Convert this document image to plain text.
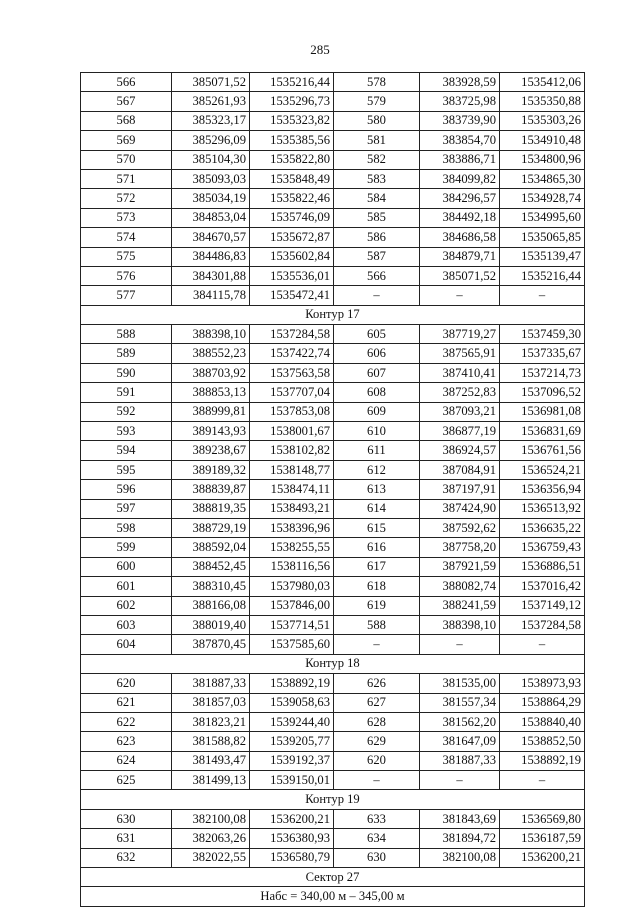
285
566	385071,52	1535216,44	578	383928,59	1535412,06
567	385261,93	1535296,73	579	383725,98	1535350,88
568	385323,17	1535323,82	580	383739,90	1535303,26
569	385296,09	1535385,56	581	383854,70	1534910,48
570	385104,30	1535822,80	582	383886,71	1534800,96
571	385093,03	1535848,49	583	384099,82	1534865,30
572	385034,19	1535822,46	584	384296,57	1534928,74
573	384853,04	1535746,09	585	384492,18	1534995,60
574	384670,57	1535672,87	586	384686,58	1535065,85
575	384486,83	1535602,84	587	384879,71	1535139,47
576	384301,88	1535536,01	566	385071,52	1535216,44
577	384115,78	1535472,41	–	–	–
Контур 17					
588	388398,10	1537284,58	605	387719,27	1537459,30
589	388552,23	1537422,74	606	387565,91	1537335,67
590	388703,92	1537563,58	607	387410,41	1537214,73
591	388853,13	1537707,04	608	387252,83	1537096,52
592	388999,81	1537853,08	609	387093,21	1536981,08
593	389143,93	1538001,67	610	386877,19	1536831,69
594	389238,67	1538102,82	611	386924,57	1536761,56
595	389189,32	1538148,77	612	387084,91	1536524,21
596	388839,87	1538474,11	613	387197,91	1536356,94
597	388819,35	1538493,21	614	387424,90	1536513,92
598	388729,19	1538396,96	615	387592,62	1536635,22
599	388592,04	1538255,55	616	387758,20	1536759,43
600	388452,45	1538116,56	617	387921,59	1536886,51
601	388310,45	1537980,03	618	388082,74	1537016,42
602	388166,08	1537846,00	619	388241,59	1537149,12
603	388019,40	1537714,51	588	388398,10	1537284,58
604	387870,45	1537585,60	–	–	–
Контур 18					
620	381887,33	1538892,19	626	381535,00	1538973,93
621	381857,03	1539058,63	627	381557,34	1538864,29
622	381823,21	1539244,40	628	381562,20	1538840,40
623	381588,82	1539205,77	629	381647,09	1538852,50
624	381493,47	1539192,37	620	381887,33	1538892,19
625	381499,13	1539150,01	–	–	–
Контур 19					
630	382100,08	1536200,21	633	381843,69	1536569,80
631	382063,26	1536380,93	634	381894,72	1536187,59
632	382022,55	1536580,79	630	382100,08	1536200,21
Сектор 27					
Набс = 340,00 м – 345,00 м					
